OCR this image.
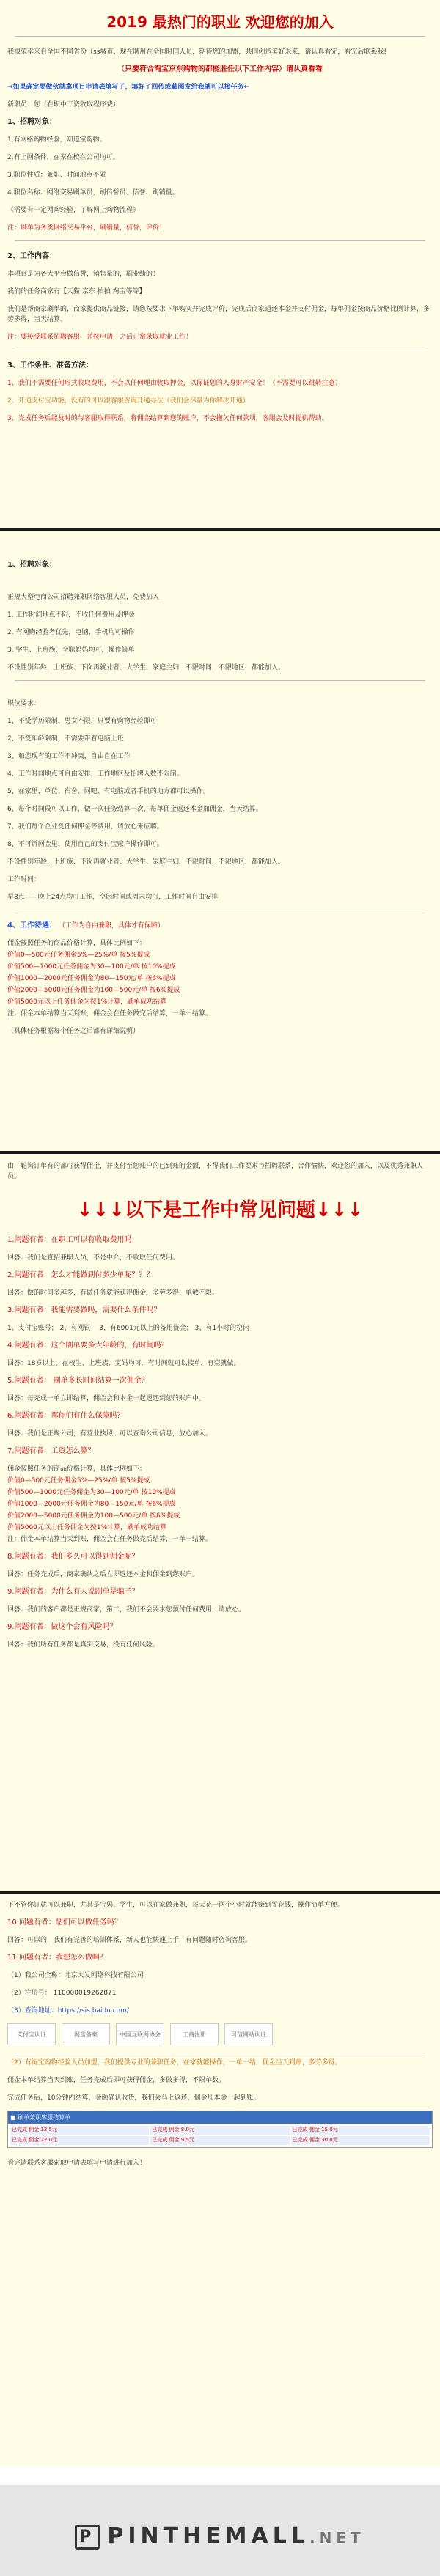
2019 最热门的职业 欢迎您的加入

我很荣幸来自全国不同省份（ss城市、现在聘用在全国时间人员，期待您的加盟，共同创造美好未来，请认真看完，看完后联系我!

（只要符合淘宝京东购物的都能胜任以下工作内容）请认真看看

→如果确定要做伙就拿项目申请表填写了，填好了回传或截图发给我就可以接任务←

新职员：您（在职中工资收取程序费）

1、招聘对象：

1.有网络购物经验，知道宝购物。

2.有上网条件，在家在校在公司均可。

3.职位性质：兼职、时间地点不限

4.职位名称：网络交易刷单员，刷信誉员、信誉、刷销量。

《需要有一定网购经验，了解网上购物流程》

注：刷单为务类网络交易平台，刷销量，信誉，评价！

2、工作内容：

本项目是为各大平台做信誉，销售量的，刷业绩的！

我们的任务商家有【天猫 京东 拍拍 淘宝等等】

我们是帮商家刷单的，商家提供商品链接，请您按要求下单购买并完成评价，完成后商家退还本金并支付佣金，每单佣金按商品价格比例计算，多劳多得，当天结算。

注：要接受联系招聘客服，并按申请，之后正常录取就业工作！

3、工作条件、准备方法：

1、我们不需要任何形式收取费用，不会以任何理由收取押金，以保证您的人身财产安全！（不需要可以跳转注意）

2、开通支付宝功能，没有的可以跟客服咨询开通办法（我们会尽量为你解决开通）

3、完成任务后能及时的与客服取得联系，将佣金结算到您的账户，不会拖欠任何款项，客服会及时提供帮助。

1、招聘对象：

正规大型电商公司招聘兼职网络客服人员，免费加入

1. 工作时间地点不限，不收任何费用及押金

2. 有网购经验者优先，电脑、手机均可操作

3. 学生、上班族、全职妈妈均可，操作简单

不设性别年龄，上班族、下岗再就业者、大学生、家庭主妇，不限时间，不限地区，都能加入。

职位要求：

1、不受学历限制，男女不限，只要有购物经验即可

2、不受年龄限制，不需要带着电脑上班

3、和您现有的工作不冲突，自由自在工作

4、工作时间地点可自由安排，工作地区及招聘人数不限制。

5、在家里、单位、宿舍、网吧、有电脑或者手机的地方都可以操作。

6、每个时间段可以工作，做一次任务结算一次，每单佣金返还本金加佣金，当天结算。

7、我们每个企业受任何押金等费用，请放心来应聘。

8、不可诉网金里，使用自己的支付宝账户操作即可。

不设性别年龄，上班族、下岗再就业者、大学生、家庭主妇，不限时间，不限地区，都能加入。

工作时间：

早8点——晚上24点均可工作，空闲时间或周末均可，工作时间自由安排

4、工作待遇： （工作为自由兼职，具体才有保障）

佣金按照任务的商品价格计算，具体比例如下：

价值0—500元任务佣金5%—25%/单 按5%提成

价值500—1000元任务佣金为30—100元/单 按10%提成

价值1000—2000元任务佣金为80—150元/单 按6%提成

价值2000—5000元任务佣金为100—500元/单 按6%提成

价值5000元以上任务佣金为按1%计算，刷单成功结算

注：佣金本单结算当天到账，佣金会在任务做完后结算，一单一结算。

（具体任务根据每个任务之后都有详细说明）

由，轮询订单有的都可获得佣金，并支付至您账户的已到账的金额，不得我们工作要求与招聘联系，合作愉快，欢迎您的加入，以及优秀兼职人员。

↓↓↓以下是工作中常见问题↓↓↓

1.问题有者：在职工可以有收取费用吗

回答：我们是直招兼职人员，不是中介，不收取任何费用。

2.问题有者：怎么才能做到付多少单呢？？？

回答：做的时间多越多，有做任务就能获得佣金，多劳多得，单数不限。

3.问题有者：我能需要做吗，需要什么条件吗？

1、支付宝账号； 2、有网银； 3、有6001元以上的备用资金； 3、有1小时的空闲

4.问题有者：这个刷单要多大年龄的，有时间吗？

回答：18岁以上，在校生、上班族、宝妈均可，有时间就可以接单，有空就做。

5.问题有者： 刷单多长时间结算一次佣金？

回答：每完成一单立即结算，佣金会和本金一起退还到您的账户中。

6.问题有者：那你们有什么保障吗？

回答：我们是正规公司，有营业执照，可以查询公司信息，放心加入。

7.问题有者：工资怎么算？

佣金按照任务的商品价格计算，具体比例如下：

价值0—500元任务佣金5%—25%/单 按5%提成

价值500—1000元任务佣金为30—100元/单 按10%提成

价值1000—2000元任务佣金为80—150元/单 按6%提成

价值2000—5000元任务佣金为100—500元/单 按6%提成

价值5000元以上任务佣金为按1%计算，刷单成功结算

注：佣金本单结算当天到账，佣金会在任务做完后结算，一单一结算。

8.问题有者：我们多久可以得到佣金呢？

回答：任务完成后，商家确认之后立即返还本金和佣金到您账户。

9.问题有者：为什么有人说刷单是骗子？

回答：我们的客户都是正规商家，第二，我们不会要求您预付任何费用，请放心。

9.问题有者：做这个会有风险吗？

回答：我们所有任务都是真实交易，没有任何风险。

下不管你订就可以兼职，尤其是宝妈、学生，可以在家做兼职，每天花一两个小时就能赚到零花钱，操作简单方便。

10.问题有者：您们可以做任务吗？

回答：可以的，我们有完善的培训体系，新人也能快速上手，有问题随时咨询客服。

11.问题有者：我想怎么做啊？

（1）我公司全称：北京大发网络科技有限公司

（2）注册号： 110000019262871

（3）查询地址：https://sis.baidu.com/

支付宝认证	网监备案	中国互联网协会	工商注册	可信网站认证

（2）有淘宝购物经验人员加盟，我们提供专业的兼职任务，在家就能操作，一单一结，佣金当天到账，多劳多得。

佣金本单结算当天到账，任务完成后即可获得佣金，多做多得，不限单数。

完成任务后，10分钟内结算，金额确认收货，我们会马上返还，佣金加本金一起到账。

■ 刷单兼职客服结算单
已完成 佣金 12.5元	已完成 佣金 8.0元	已完成 佣金 15.0元
已完成 佣金 22.0元	已完成 佣金 9.5元	已完成 佣金 30.0元

看完请联系客服索取申请表填写申请进行加入！

P PINTHEMALL.NET
